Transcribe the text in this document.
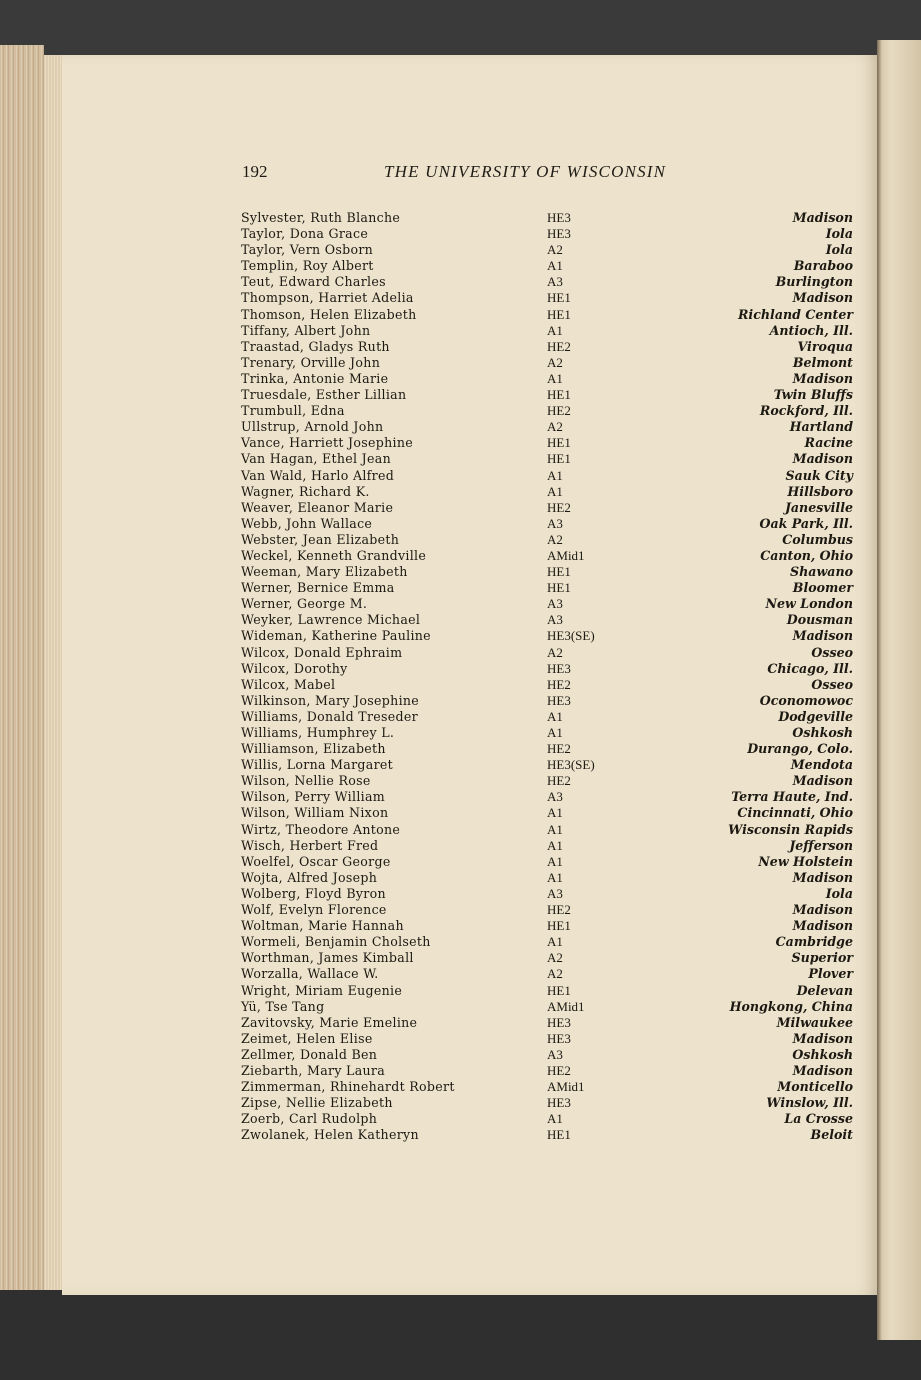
192	THE UNIVERSITY OF WISCONSIN
Sylvester, Ruth Blanche	HE3	Madison
Taylor, Dona Grace	HE3	Iola
Taylor, Vern Osborn	A2	Iola
Templin, Roy Albert	A1	Baraboo
Teut, Edward Charles	A3	Burlington
Thompson, Harriet Adelia	HE1	Madison
Thomson, Helen Elizabeth	HE1	Richland Center
Tiffany, Albert John	A1	Antioch, Ill.
Traastad, Gladys Ruth	HE2	Viroqua
Trenary, Orville John	A2	Belmont
Trinka, Antonie Marie	A1	Madison
Truesdale, Esther Lillian	HE1	Twin Bluffs
Trumbull, Edna	HE2	Rockford, Ill.
Ullstrup, Arnold John	A2	Hartland
Vance, Harriett Josephine	HE1	Racine
Van Hagan, Ethel Jean	HE1	Madison
Van Wald, Harlo Alfred	A1	Sauk City
Wagner, Richard K.	A1	Hillsboro
Weaver, Eleanor Marie	HE2	Janesville
Webb, John Wallace	A3	Oak Park, Ill.
Webster, Jean Elizabeth	A2	Columbus
Weckel, Kenneth Grandville	AMid1	Canton, Ohio
Weeman, Mary Elizabeth	HE1	Shawano
Werner, Bernice Emma	HE1	Bloomer
Werner, George M.	A3	New London
Weyker, Lawrence Michael	A3	Dousman
Wideman, Katherine Pauline	HE3(SE)	Madison
Wilcox, Donald Ephraim	A2	Osseo
Wilcox, Dorothy	HE3	Chicago, Ill.
Wilcox, Mabel	HE2	Osseo
Wilkinson, Mary Josephine	HE3	Oconomowoc
Williams, Donald Treseder	A1	Dodgeville
Williams, Humphrey L.	A1	Oshkosh
Williamson, Elizabeth	HE2	Durango, Colo.
Willis, Lorna Margaret	HE3(SE)	Mendota
Wilson, Nellie Rose	HE2	Madison
Wilson, Perry William	A3	Terra Haute, Ind.
Wilson, William Nixon	A1	Cincinnati, Ohio
Wirtz, Theodore Antone	A1	Wisconsin Rapids
Wisch, Herbert Fred	A1	Jefferson
Woelfel, Oscar George	A1	New Holstein
Wojta, Alfred Joseph	A1	Madison
Wolberg, Floyd Byron	A3	Iola
Wolf, Evelyn Florence	HE2	Madison
Woltman, Marie Hannah	HE1	Madison
Wormeli, Benjamin Cholseth	A1	Cambridge
Worthman, James Kimball	A2	Superior
Worzalla, Wallace W.	A2	Plover
Wright, Miriam Eugenie	HE1	Delevan
Yü, Tse Tang	AMid1	Hongkong, China
Zavitovsky, Marie Emeline	HE3	Milwaukee
Zeimet, Helen Elise	HE3	Madison
Zellmer, Donald Ben	A3	Oshkosh
Ziebarth, Mary Laura	HE2	Madison
Zimmerman, Rhinehardt Robert	AMid1	Monticello
Zipse, Nellie Elizabeth	HE3	Winslow, Ill.
Zoerb, Carl Rudolph	A1	La Crosse
Zwolanek, Helen Katheryn	HE1	Beloit
